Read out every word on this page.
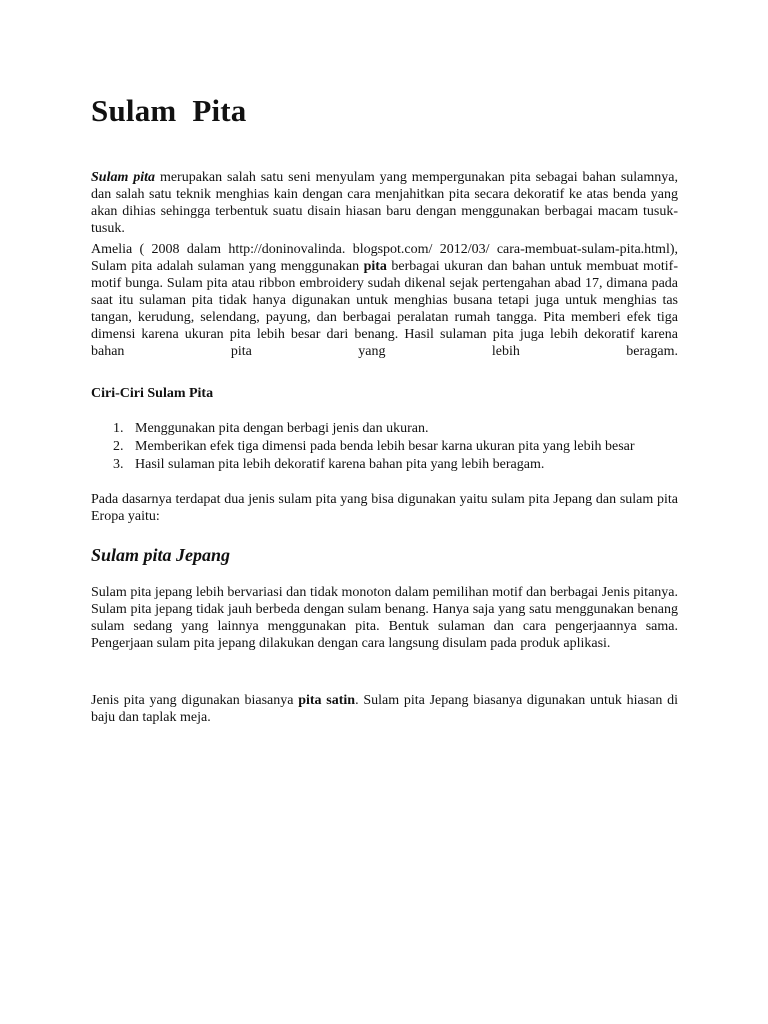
Sulam  Pita

Sulam pita merupakan salah satu seni menyulam yang mempergunakan pita sebagai bahan sulamnya, dan salah satu teknik menghias kain dengan cara menjahitkan pita secara dekoratif ke atas benda yang akan dihias sehingga terbentuk suatu disain hiasan baru dengan menggunakan berbagai macam tusuk-tusuk.

Amelia ( 2008 dalam http://doninovalinda. blogspot.com/ 2012/03/ cara-membuat-sulam-pita.html), Sulam pita adalah sulaman yang menggunakan pita berbagai ukuran dan bahan untuk membuat motif-motif bunga. Sulam pita atau ribbon embroidery sudah dikenal sejak pertengahan abad 17, dimana pada saat itu sulaman pita tidak hanya digunakan untuk menghias busana tetapi juga untuk menghias tas tangan, kerudung, selendang, payung, dan berbagai peralatan rumah tangga. Pita memberi efek tiga dimensi karena ukuran pita lebih besar dari benang. Hasil sulaman pita juga lebih dekoratif karena bahan pita yang lebih beragam.

Ciri-Ciri Sulam Pita
1. Menggunakan pita dengan berbagi jenis dan ukuran.
2. Memberikan efek tiga dimensi pada benda lebih besar karna ukuran pita yang lebih besar
3. Hasil sulaman pita lebih dekoratif karena bahan pita yang lebih beragam.

Pada dasarnya terdapat dua jenis sulam pita yang bisa digunakan yaitu sulam pita Jepang dan sulam pita Eropa yaitu:

Sulam pita Jepang

Sulam pita jepang lebih bervariasi dan tidak monoton dalam pemilihan motif dan berbagai Jenis pitanya. Sulam pita jepang tidak jauh berbeda dengan sulam benang. Hanya saja yang satu menggunakan benang sulam sedang yang lainnya menggunakan pita. Bentuk sulaman dan cara pengerjaannya sama. Pengerjaan sulam pita jepang dilakukan dengan cara langsung disulam pada produk aplikasi.

Jenis pita yang digunakan biasanya pita satin. Sulam pita Jepang biasanya digunakan untuk hiasan di baju dan taplak meja.
